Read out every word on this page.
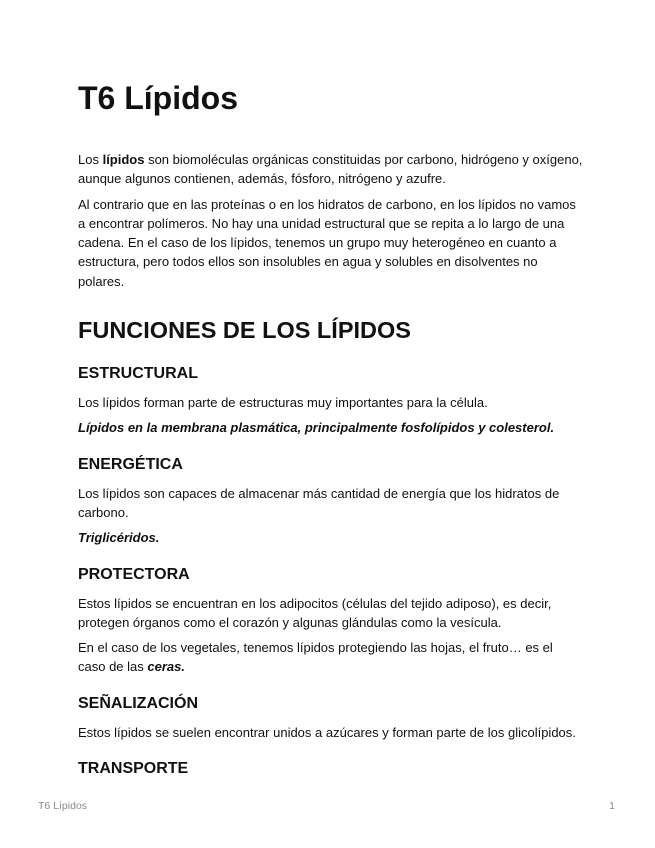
T6 Lípidos

Los lípidos son biomoléculas orgánicas constituidas por carbono, hidrógeno y oxígeno, aunque algunos contienen, además, fósforo, nitrógeno y azufre.

Al contrario que en las proteínas o en los hidratos de carbono, en los lípidos no vamos a encontrar polímeros. No hay una unidad estructural que se repita a lo largo de una cadena. En el caso de los lípidos, tenemos un grupo muy heterogéneo en cuanto a estructura, pero todos ellos son insolubles en agua y solubles en disolventes no polares.

FUNCIONES DE LOS LÍPIDOS
ESTRUCTURAL

Los lípidos forman parte de estructuras muy importantes para la célula.

Lípidos en la membrana plasmática, principalmente fosfolípidos y colesterol.

ENERGÉTICA

Los lípidos son capaces de almacenar más cantidad de energía que los hidratos de carbono.

Triglicéridos.

PROTECTORA

Estos lípidos se encuentran en los adipocitos (células del tejido adiposo), es decir, protegen órganos como el corazón y algunas glándulas como la vesícula.

En el caso de los vegetales, tenemos lípidos protegiendo las hojas, el fruto… es el caso de las ceras.

SEÑALIZACIÓN

Estos lípidos se suelen encontrar unidos a azúcares y forman parte de los glicolípidos.

TRANSPORTE
T6 Lípidos	1
